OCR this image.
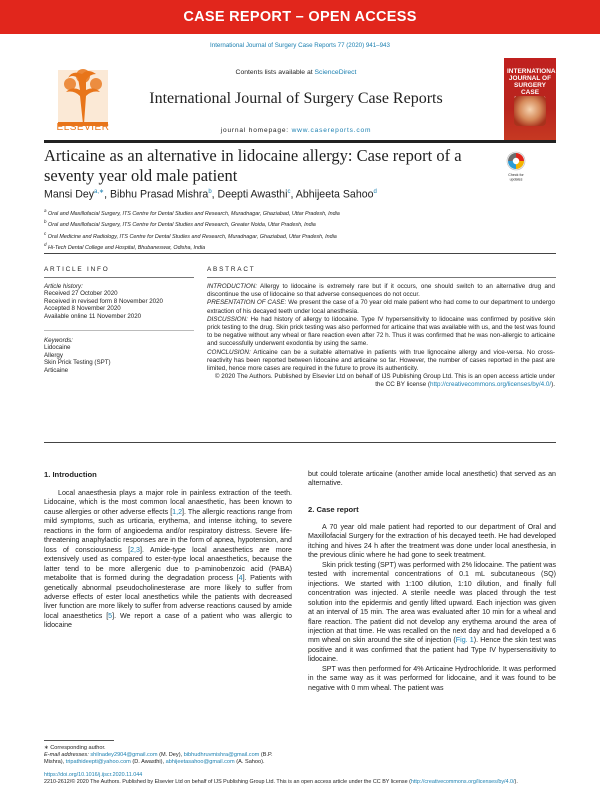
CASE REPORT – OPEN ACCESS
International Journal of Surgery Case Reports 77 (2020) 941–943
ELSEVIER
Contents lists available at ScienceDirect
International Journal of Surgery Case Reports
journal homepage: www.casereports.com
INTERNATIONAL JOURNAL OF SURGERY CASE
Articaine as an alternative in lidocaine allergy: Case report of a seventy year old male patient	Check for
updates
Mansi Dey$^{a,∗}$, Bibhu Prasad Mishra$^b$, Deepti Awasthi$^c$, Abhijeeta Sahoo$^d$
$^a$ Oral and Maxillofacial Surgery, ITS Centre for Dental Studies and Research, Muradnagar, Ghaziabad, Uttar Pradesh, India
$^b$ Oral and Maxillofacial Surgery, ITS Centre for Dental Studies and Research, Greater Noida, Uttar Pradesh, India
$^c$ Oral Medicine and Radiology, ITS Centre for Dental Studies and Research, Muradnagar, Ghaziabad, Uttar Pradesh, India
$^d$ Hi-Tech Dental College and Hospital, Bhubaneswar, Odisha, India
ARTICLE INFO	ABSTRACT
Article history:
Received 27 October 2020
Received in revised form 8 November 2020
Accepted 8 November 2020
Available online 11 November 2020
Keywords:
Lidocaine
Allergy
Skin Prick Testing (SPT)
Articaine

INTRODUCTION: Allergy to lidocaine is extremely rare but if it occurs, one should switch to an alternative drug and discontinue the use of lidocaine so that adverse consequences do not occur.

PRESENTATION OF CASE: We present the case of a 70 year old male patient who had come to our department to undergo extraction of his decayed teeth under local anesthesia.

DISCUSSION: He had history of allergy to lidocaine. Type IV hypersensitivity to lidocaine was confirmed by positive skin prick testing to the drug. Skin prick testing was also performed for articaine that was available with us, and the test was found to be negative without any wheal or flare reaction even after 72 h. Thus it was confirmed that he was non-allergic to articaine and successfully underwent exodontia by using the same.

CONCLUSION: Articaine can be a suitable alternative in patients with true lignocaine allergy and vice-versa. No cross-reactivity has been reported between lidocaine and articaine so far. However, the number of cases reported in the past are limited, hence more cases are required in the future to prove its authenticity.

© 2020 The Authors. Published by Elsevier Ltd on behalf of IJS Publishing Group Ltd. This is an open access article under the CC BY license (http://creativecommons.org/licenses/by/4.0/).

1. Introduction

Local anaesthesia plays a major role in painless extraction of the teeth. Lidocaine, which is the most common local anaesthetic, has been known to cause allergies or other adverse effects [1,2]. The allergic reactions range from mild symptoms, such as urticaria, erythema, and intense itching, to severe reactions in the form of angioedema and/or respiratory distress. Severe life-threatening anaphylactic responses are in the form of apnea, hypotension, and loss of consciousness [2,3]. Amide-type local anaesthetics are more extensively used as compared to ester-type local anaesthetics, because the latter tend to be more allergenic due to p-aminobenzoic acid (PABA) metabolite that is formed during the degradation process [4]. Patients with genetically abnormal pseudocholinesterase are more likely to suffer from adverse effects of ester local anesthetics while the patients with decreased liver function are more likely to suffer from adverse reactions caused by amide local anaesthetics [5]. We report a case of a patient who was allergic to lidocaine

but could tolerate articaine (another amide local anesthetic) that served as an alternative.

2. Case report

A 70 year old male patient had reported to our department of Oral and Maxillofacial Surgery for the extraction of his decayed teeth. He had developed itching and hives 24 h after the treatment was done under local anesthesia, in the previous clinic where he had gone to seek treatment.

Skin prick testing (SPT) was performed with 2% lidocaine. The patient was tested with incremental concentrations of 0.1 mL subcutaneous (SQ) injections. We started with 1:100 dilution, 1:10 dilution, and finally full concentration was injected. A sterile needle was placed through the test solution into the epidermis and gently lifted upward. Each injection was given at an interval of 15 min. The area was evaluated after 10 min for a wheal and flare reaction. The patient did not develop any erythema around the area of injection at that time. He was recalled on the next day and had developed a 6 mm wheal on skin around the site of injection (Fig. 1). Hence the skin test was positive and it was confirmed that the patient had Type IV hypersensitivity to lidocaine.

SPT was then performed for 4% Articaine Hydrochloride. It was performed in the same way as it was performed for lidocaine, and it was found to be negative with 0 mm wheal. The patient was

∗ Corresponding author.
E-mail addresses: shilnadey2904@gmail.com (M. Dey), bibhudhruvmishra@gmail.com (B.P. Mishra), tripathideepti@yahoo.com (D. Awasthi), abhijeetasahoo@gmail.com (A. Sahoo).
https://doi.org/10.1016/j.ijscr.2020.11.044
2210-2612/© 2020 The Authors. Published by Elsevier Ltd on behalf of IJS Publishing Group Ltd. This is an open access article under the CC BY license (http://creativecommons.org/licenses/by/4.0/).
